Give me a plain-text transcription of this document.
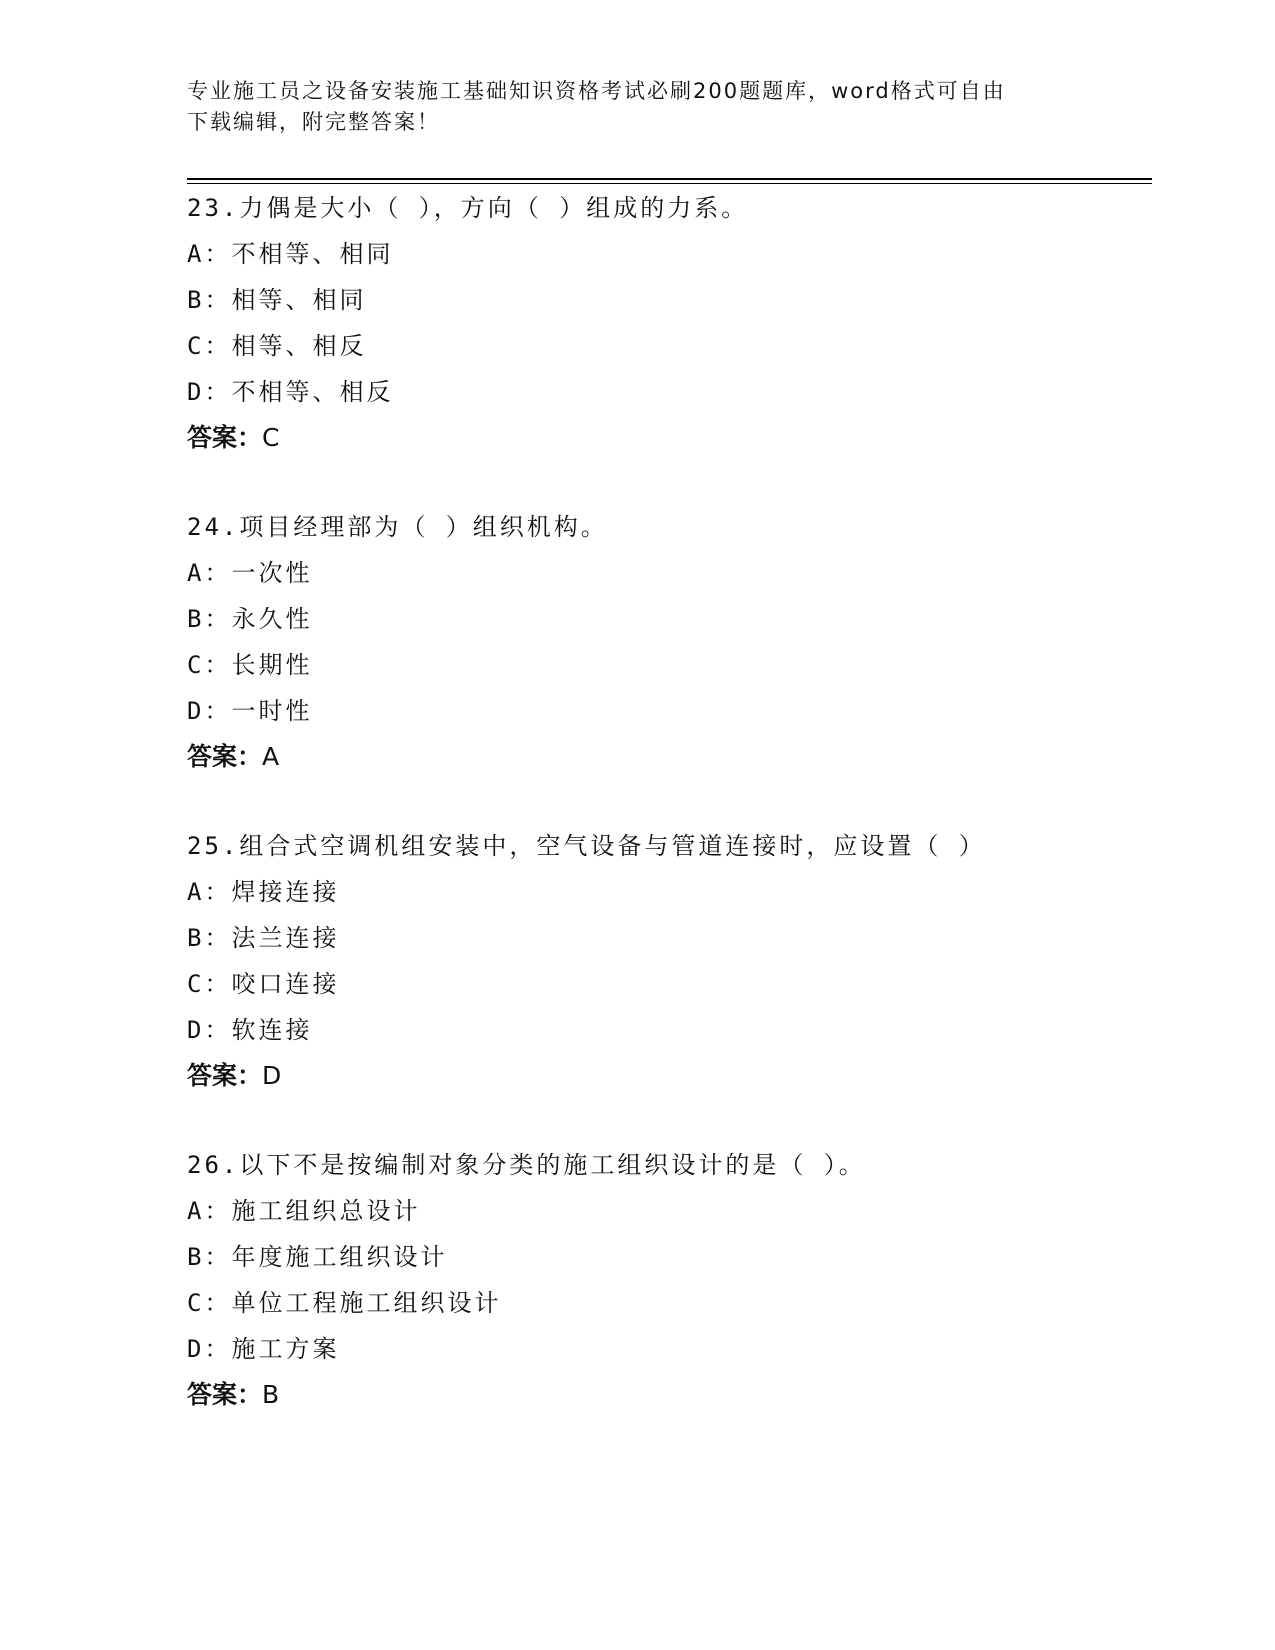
专业施工员之设备安装施工基础知识资格考试必刷200题题库，word格式可自由
下载编辑，附完整答案！
23.力偶是大小（ ），方向（ ）组成的力系。
A：不相等、相同
B：相等、相同
C：相等、相反
D：不相等、相反
答案：C
24.项目经理部为（ ）组织机构。
A：一次性
B：永久性
C：长期性
D：一时性
答案：A
25.组合式空调机组安装中，空气设备与管道连接时，应设置（ ）
A：焊接连接
B：法兰连接
C：咬口连接
D：软连接
答案：D
26.以下不是按编制对象分类的施工组织设计的是（ ）。
A：施工组织总设计
B：年度施工组织设计
C：单位工程施工组织设计
D：施工方案
答案：B
